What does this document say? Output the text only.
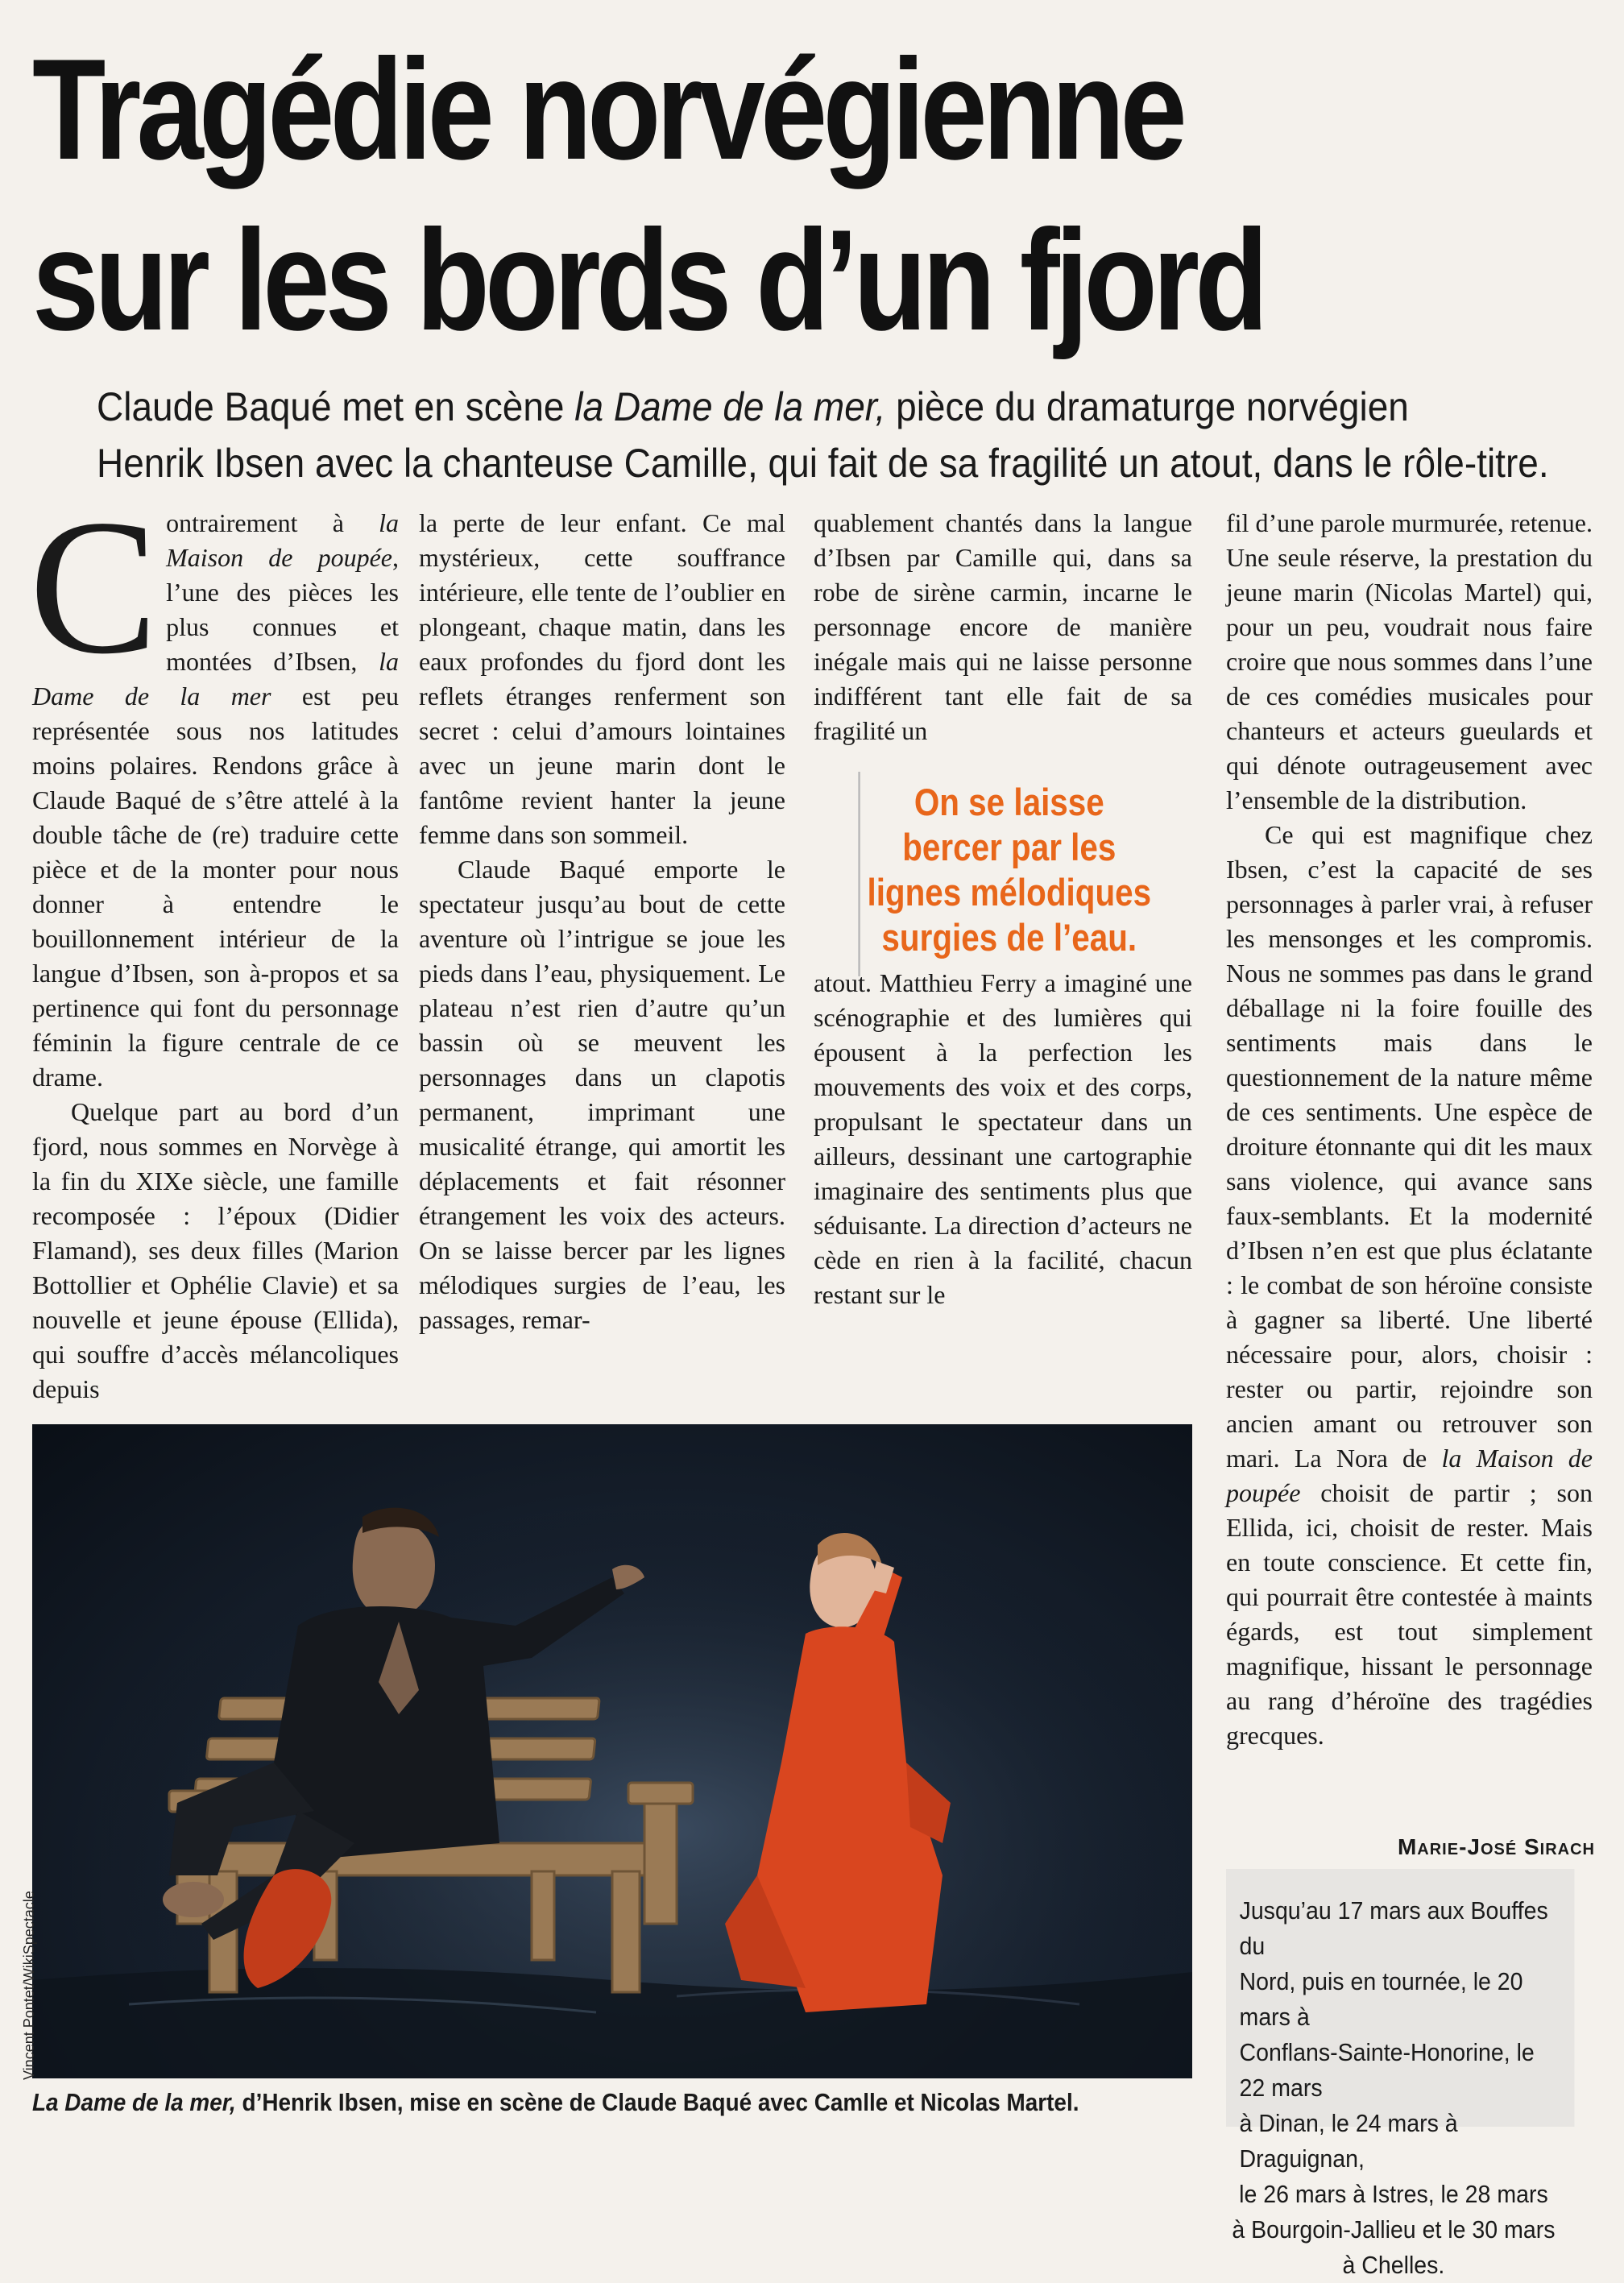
Tragédie norvégienne
sur les bords d’un fjord
Claude Baqué met en scène la Dame de la mer, pièce du dramaturge norvégien
Henrik Ibsen avec la chanteuse Camille, qui fait de sa fragilité un atout, dans le rôle-titre.

Contrairement à la Maison de poupée, l’une des pièces les plus connues et montées d’Ibsen, la Dame de la mer est peu représentée sous nos latitudes moins polaires. Rendons grâce à Claude Baqué de s’être attelé à la double tâche de (re) traduire cette pièce et de la monter pour nous donner à entendre le bouillonnement intérieur de la langue d’Ibsen, son à-propos et sa pertinence qui font du personnage féminin la figure centrale de ce drame.

Quelque part au bord d’un fjord, nous sommes en Norvège à la fin du XIXe siècle, une famille recomposée : l’époux (Didier Flamand), ses deux filles (Marion Bottollier et Ophélie Clavie) et sa nouvelle et jeune épouse (Ellida), qui souffre d’accès mélancoliques depuis

la perte de leur enfant. Ce mal mystérieux, cette souffrance intérieure, elle tente de l’oublier en plongeant, chaque matin, dans les eaux profondes du fjord dont les reflets étranges renferment son secret : celui d’amours lointaines avec un jeune marin dont le fantôme revient hanter la jeune femme dans son sommeil.

Claude Baqué emporte le spectateur jusqu’au bout de cette aventure où l’intrigue se joue les pieds dans l’eau, physiquement. Le plateau n’est rien d’autre qu’un bassin où se meuvent les personnages dans un clapotis permanent, imprimant une musicalité étrange, qui amortit les déplacements et fait résonner étrangement les voix des acteurs. On se laisse bercer par les lignes mélodiques surgies de l’eau, les passages, remar-

quablement chantés dans la langue d’Ibsen par Camille qui, dans sa robe de sirène carmin, incarne le personnage encore de manière inégale mais qui ne laisse personne indifférent tant elle fait de sa fragilité un

atout. Matthieu Ferry a imaginé une scénographie et des lumières qui épousent à la perfection les mouvements des voix et des corps, propulsant le spectateur dans un ailleurs, dessinant une cartographie imaginaire des sentiments plus que séduisante. La direction d’acteurs ne cède en rien à la facilité, chacun restant sur le

On se laisse bercer par les lignes mélodiques surgies de l’eau.

fil d’une parole murmurée, retenue. Une seule réserve, la prestation du jeune marin (Nicolas Martel) qui, pour un peu, voudrait nous faire croire que nous sommes dans l’une de ces comédies musicales pour chanteurs et acteurs gueulards et qui dénote outrageusement avec l’ensemble de la distribution.

Ce qui est magnifique chez Ibsen, c’est la capacité de ses personnages à parler vrai, à refuser les mensonges et les compromis. Nous ne sommes pas dans le grand déballage ni la foire fouille des sentiments mais dans le questionnement de la nature même de ces sentiments. Une espèce de droiture étonnante qui dit les maux sans violence, qui avance sans faux-semblants. Et la modernité d’Ibsen n’en est que plus éclatante : le combat de son héroïne consiste à gagner sa liberté. Une liberté nécessaire pour, alors, choisir : rester ou partir, rejoindre son ancien amant ou retrouver son mari. La Nora de la Maison de poupée choisit de partir ; son Ellida, ici, choisit de rester. Mais en toute conscience. Et cette fin, qui pourrait être contestée à maints égards, est tout simplement magnifique, hissant le personnage au rang d’héroïne des tragédies grecques.

Marie-José Sirach
Jusqu’au 17 mars aux Bouffes du
Nord, puis en tournée, le 20 mars à
Conflans-Sainte-Honorine, le 22 mars
à Dinan, le 24 mars à Draguignan,
le 26 mars à Istres, le 28 mars
à Bourgoin-Jallieu et le 30 mars
à Chelles.
Vincent Pontet/WikiSpectacle
La Dame de la mer, d’Henrik Ibsen, mise en scène de Claude Baqué avec Camlle et Nicolas Martel.
